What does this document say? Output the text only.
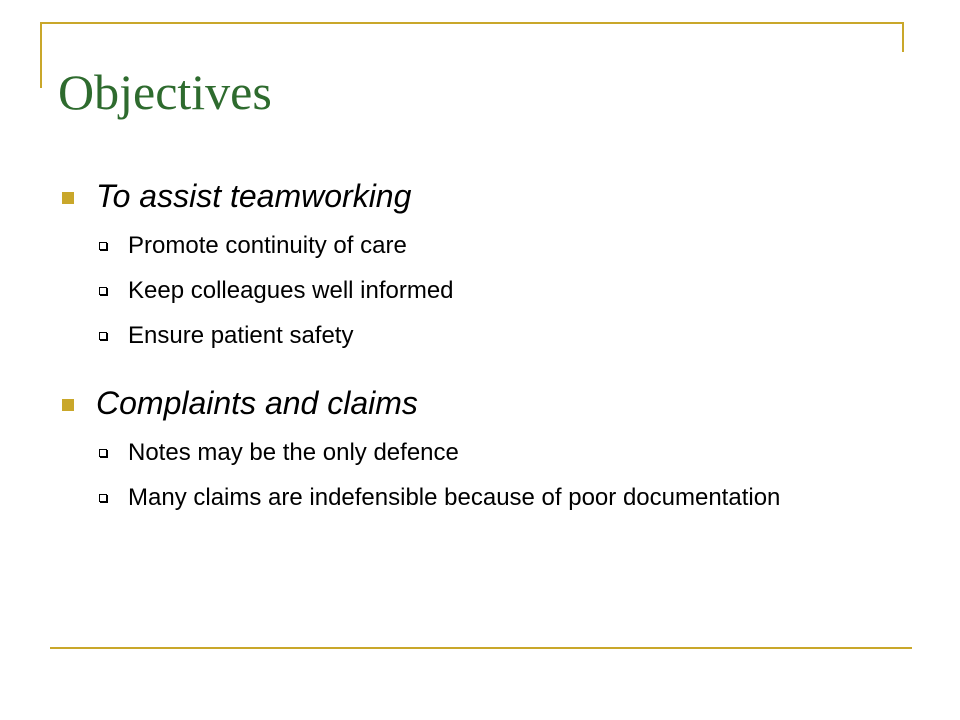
Objectives
To assist teamworking
Promote continuity of care
Keep colleagues well informed
Ensure patient safety
Complaints and claims
Notes may be the only defence
Many claims are indefensible because of poor documentation
